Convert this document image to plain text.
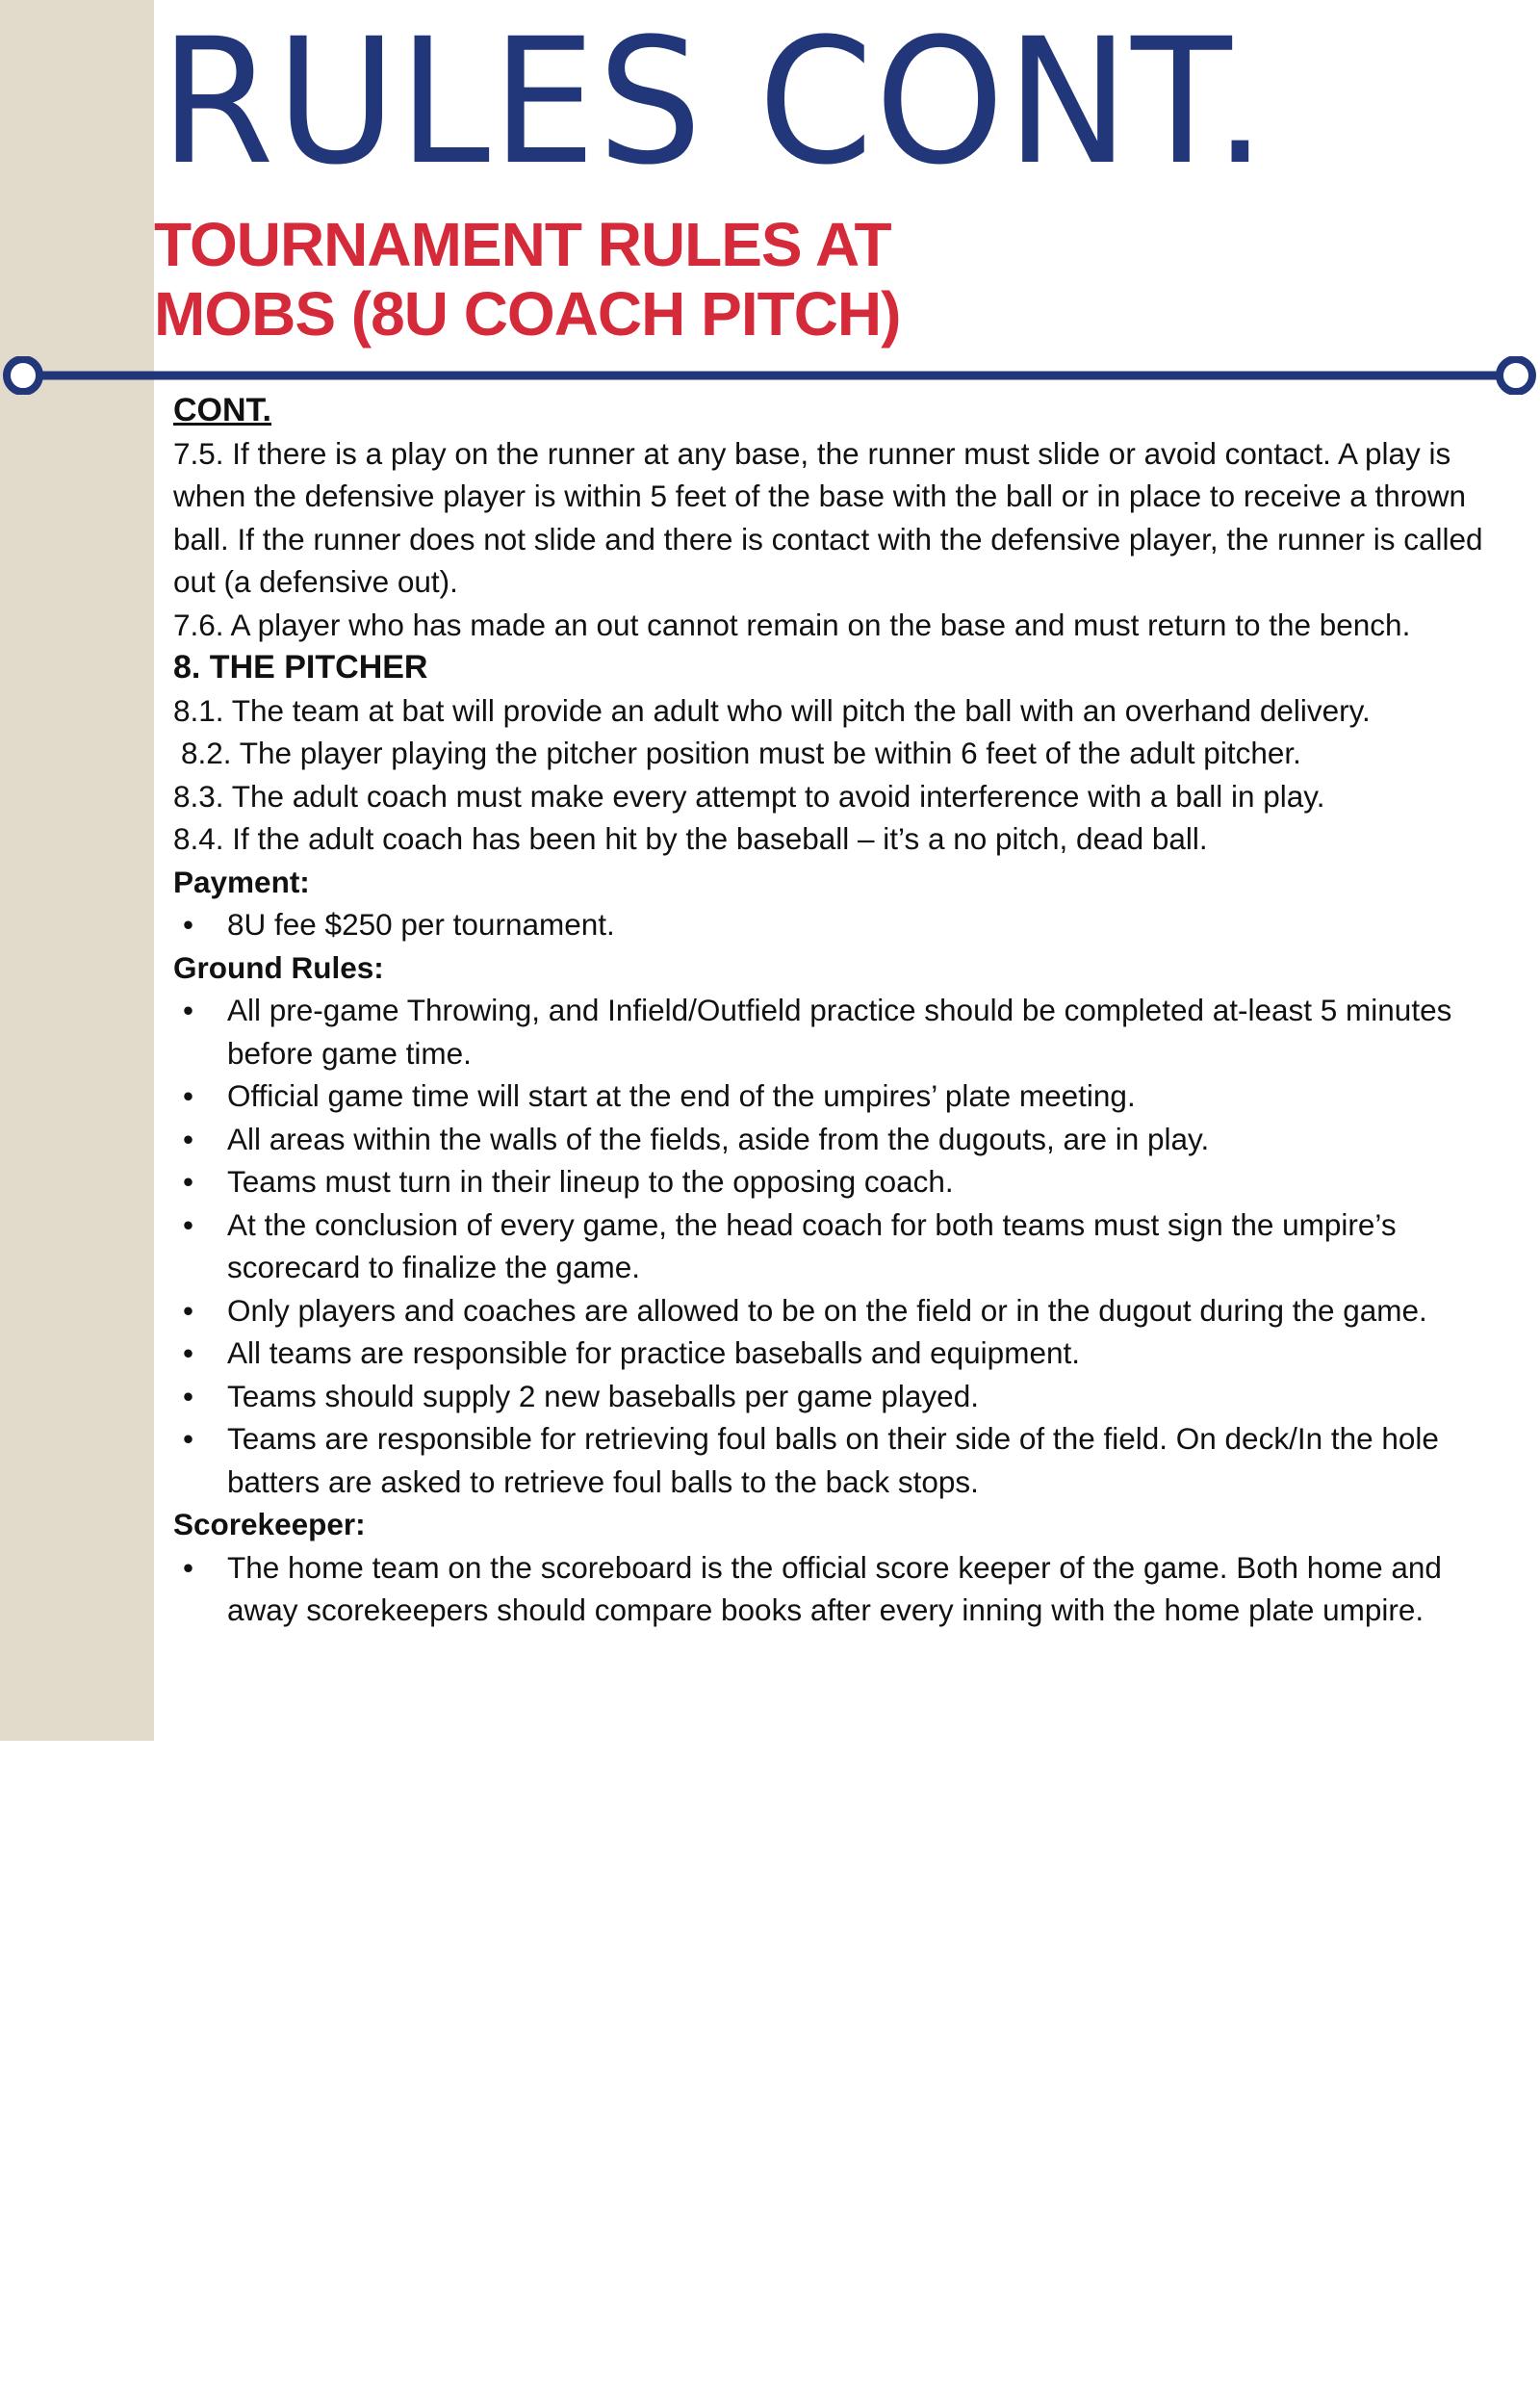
RULES CONT.
TOURNAMENT RULES AT
MOBS (8U COACH PITCH)

CONT.

7.5. If there is a play on the runner at any base, the runner must slide or avoid contact. A play is when the defensive player is within 5 feet of the base with the ball or in place to receive a thrown ball. If the runner does not slide and there is contact with the defensive player, the runner is called out (a defensive out).

7.6. A player who has made an out cannot remain on the base and must return to the bench.

8. THE PITCHER

8.1. The team at bat will provide an adult who will pitch the ball with an overhand delivery.

8.2. The player playing the pitcher position must be within 6 feet of the adult pitcher.

8.3. The adult coach must make every attempt to avoid interference with a ball in play.

8.4. If the adult coach has been hit by the baseball – it’s a no pitch, dead ball.

Payment:

• 8U fee $250 per tournament.

Ground Rules:

• All pre-game Throwing, and Infield/Outfield practice should be completed at-least 5 minutes before game time.
• Official game time will start at the end of the umpires’ plate meeting.
• All areas within the walls of the fields, aside from the dugouts, are in play.
• Teams must turn in their lineup to the opposing coach.
• At the conclusion of every game, the head coach for both teams must sign the umpire’s scorecard to finalize the game.
• Only players and coaches are allowed to be on the field or in the dugout during the game.
• All teams are responsible for practice baseballs and equipment.
• Teams should supply 2 new baseballs per game played.
• Teams are responsible for retrieving foul balls on their side of the field. On deck/In the hole batters are asked to retrieve foul balls to the back stops.

Scorekeeper:

• The home team on the scoreboard is the official score keeper of the game. Both home and away scorekeepers should compare books after every inning with the home plate umpire.
